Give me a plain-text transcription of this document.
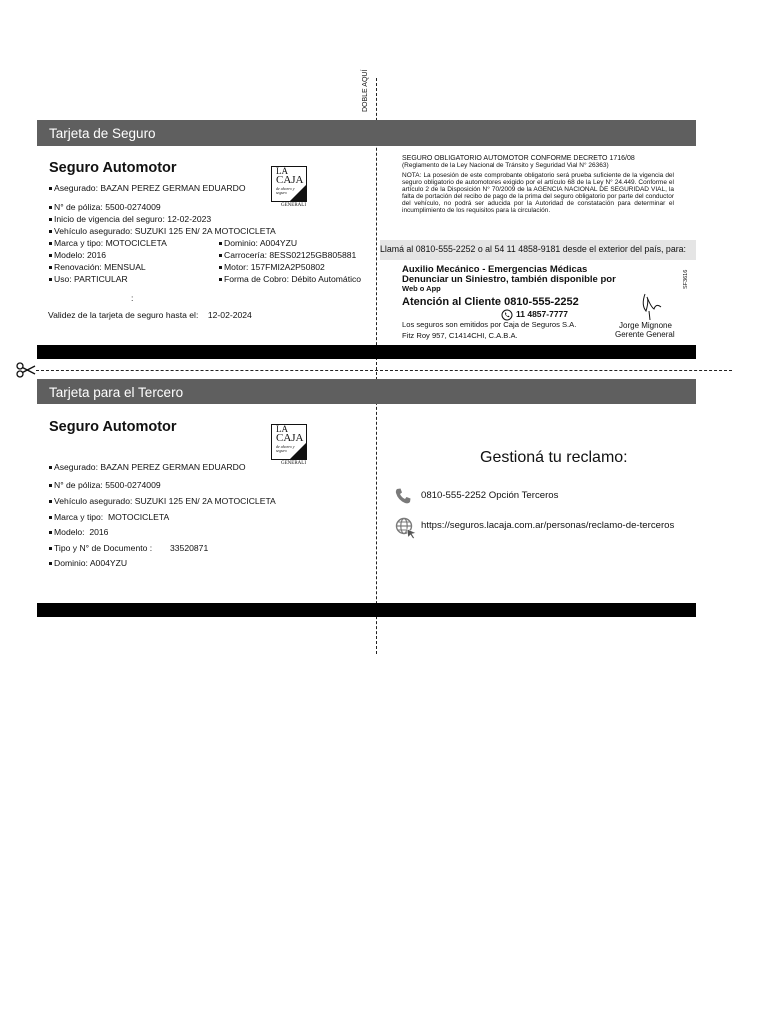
DOBLE AQUÍ
Tarjeta de Seguro
Seguro Automotor	LA
CAJA
de ahorro y seguro
GENERALI
Asegurado: BAZAN PEREZ GERMAN EDUARDO
N° de póliza: 5500-0274009
Inicio de vigencia del seguro: 12-02-2023
Vehículo asegurado: SUZUKI 125 EN/ 2A MOTOCICLETA
Marca y tipo: MOTOCICLETA	Dominio: A004YZU
Modelo: 2016	Carrocería: 8ESS02125GB805881
Renovación: MENSUAL	Motor: 157FMI2A2P50802
Uso: PARTICULAR	Forma de Cobro: Débito Automático
:
Validez de la tarjeta de seguro hasta el:    12-02-2024
SEGURO OBLIGATORIO AUTOMOTOR CONFORME DECRETO 1716/08
(Reglamento de la Ley Nacional de Tránsito y Seguridad Vial N° 26363)
NOTA: La posesión de este comprobante obligatorio será prueba suficiente de la vigencia del seguro obligatorio de automotores exigido por el artículo 68 de la Ley N° 24.449. Conforme el artículo 2 de la Disposición N° 70/2009 de la AGENCIA NACIONAL DE SEGURIDAD VIAL, la falta de portación del recibo de pago de la prima del seguro obligatorio por parte del conductor del vehículo, no podrá ser aducida por la Autoridad de constatación para determinar el incumplimiento de los requisitos para la circulación.
Llamá al 0810-555-2252 o al 54 11 4858-9181 desde el exterior del país, para:
Auxilio Mecánico - Emergencias Médicas
Denunciar un Siniestro, también disponible por
Web o App
Atención al Cliente 0810-555-2252
11 4857-7777
Los seguros son emitidos por Caja de Seguros S.A.
Fitz Roy 957, C1414CHI, C.A.B.A.
Jorge Mignone
Gerente General
SF3616
Tarjeta para el Tercero
Seguro Automotor	LA
CAJA
de ahorro y seguro
GENERALI
Asegurado: BAZAN PEREZ GERMAN EDUARDO
N° de póliza: 5500-0274009
Vehículo asegurado: SUZUKI 125 EN/ 2A MOTOCICLETA
Marca y tipo:  MOTOCICLETA
Modelo:  2016
Tipo y N° de Documento : 33520871
Dominio: A004YZU
Gestioná tu reclamo:
0810-555-2252 Opción Terceros
https://seguros.lacaja.com.ar/personas/reclamo-de-terceros
